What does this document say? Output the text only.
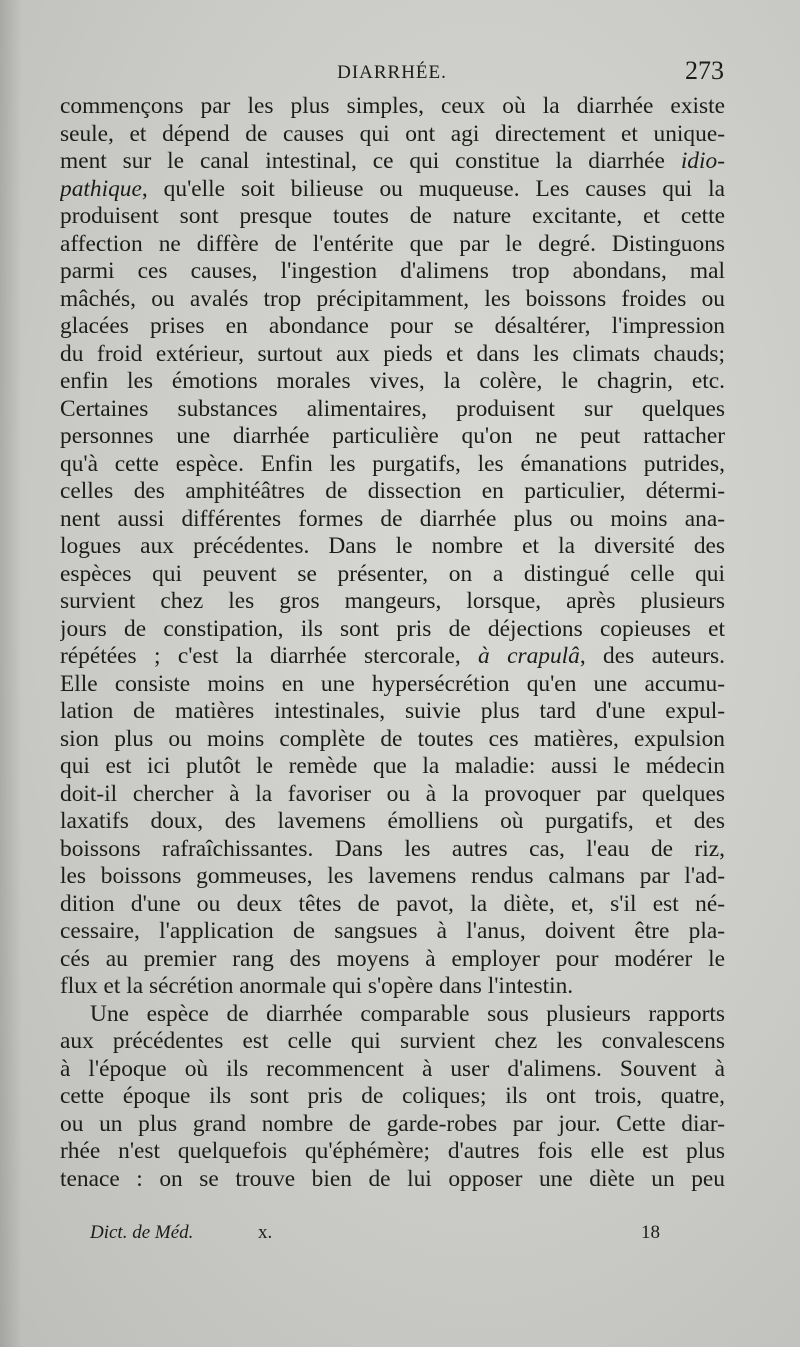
DIARRHÉE.	273
commençons par les plus simples, ceux où la diarrhée existe
seule, et dépend de causes qui ont agi directement et unique-
ment sur le canal intestinal, ce qui constitue la diarrhée idio-
pathique, qu'elle soit bilieuse ou muqueuse. Les causes qui la
produisent sont presque toutes de nature excitante, et cette
affection ne diffère de l'entérite que par le degré. Distinguons
parmi ces causes, l'ingestion d'alimens trop abondans, mal
mâchés, ou avalés trop précipitamment, les boissons froides ou
glacées prises en abondance pour se désaltérer, l'impression
du froid extérieur, surtout aux pieds et dans les climats chauds;
enfin les émotions morales vives, la colère, le chagrin, etc.
Certaines substances alimentaires, produisent sur quelques
personnes une diarrhée particulière qu'on ne peut rattacher
qu'à cette espèce. Enfin les purgatifs, les émanations putrides,
celles des amphitéâtres de dissection en particulier, détermi-
nent aussi différentes formes de diarrhée plus ou moins ana-
logues aux précédentes. Dans le nombre et la diversité des
espèces qui peuvent se présenter, on a distingué celle qui
survient chez les gros mangeurs, lorsque, après plusieurs
jours de constipation, ils sont pris de déjections copieuses et
répétées ; c'est la diarrhée stercorale, à crapulâ, des auteurs.
Elle consiste moins en une hypersécrétion qu'en une accumu-
lation de matières intestinales, suivie plus tard d'une expul-
sion plus ou moins complète de toutes ces matières, expulsion
qui est ici plutôt le remède que la maladie: aussi le médecin
doit-il chercher à la favoriser ou à la provoquer par quelques
laxatifs doux, des lavemens émolliens où purgatifs, et des
boissons rafraîchissantes. Dans les autres cas, l'eau de riz,
les boissons gommeuses, les lavemens rendus calmans par l'ad-
dition d'une ou deux têtes de pavot, la diète, et, s'il est né-
cessaire, l'application de sangsues à l'anus, doivent être pla-
cés au premier rang des moyens à employer pour modérer le
flux et la sécrétion anormale qui s'opère dans l'intestin.
Une espèce de diarrhée comparable sous plusieurs rapports
aux précédentes est celle qui survient chez les convalescens
à l'époque où ils recommencent à user d'alimens. Souvent à
cette époque ils sont pris de coliques; ils ont trois, quatre,
ou un plus grand nombre de garde-robes par jour. Cette diar-
rhée n'est quelquefois qu'éphémère; d'autres fois elle est plus
tenace : on se trouve bien de lui opposer une diète un peu
Dict. de Méd.	x.	18
